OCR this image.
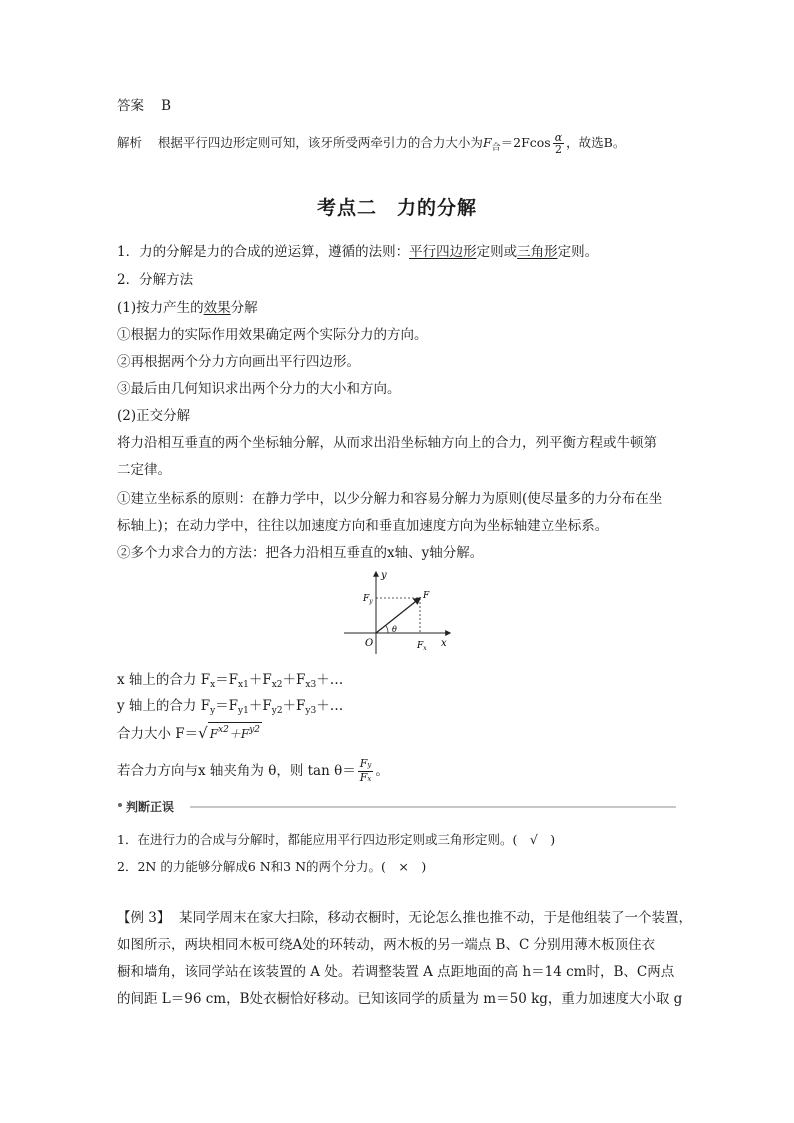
答案 B
解析 根据平行四边形定则可知，该牙所受两牵引力的合力大小为$F_合=2Fcos \frac{\alpha}{2}$ ，故选B。
考点二　力的分解
1．力的分解是力的合成的逆运算，遵循的法则：平行四边形定则或三角形定则。
2．分解方法
(1)按力产生的效果分解
①根据力的实际作用效果确定两个实际分力的方向。
②再根据两个分力方向画出平行四边形。
③最后由几何知识求出两个分力的大小和方向。
(2)正交分解
将力沿相互垂直的两个坐标轴分解，从而求出沿坐标轴方向上的合力，列平衡方程或牛顿第
二定律。
①建立坐标系的原则：在静力学中，以少分解力和容易分解力为原则(使尽量多的力分布在坐
标轴上)；在动力学中，往往以加速度方向和垂直加速度方向为坐标轴建立坐标系。
②多个力求合力的方法：把各力沿相互垂直的x轴、y轴分解。
y
x
O
$F_y$
F
$F_x$
θ
x 轴上的合力 $F_x=F_{x1}+F_{x2}+F_{x3}+\dots$
y 轴上的合力 $F_y=F_{y1}+F_{y2}+F_{y3}+\dots$
合力大小 F＝√ $F^{x2}+F^{y2}$
若合力方向与x 轴夹角为 θ，则 $\tan \theta= \frac{Fy}{Fx}$ 。
判断正误
1．在进行力的合成与分解时，都能应用平行四边形定则或三角形定则。(　√　)
2．2N 的力能够分解成6 N和3 N的两个分力。(　×　)
【例 3】 某同学周末在家大扫除，移动衣橱时，无论怎么推也推不动，于是他组装了一个装置，
如图所示，两块相同木板可绕A处的环转动，两木板的另一端点 B、C 分别用薄木板顶住衣
橱和墙角，该同学站在该装置的 A 处。若调整装置 A 点距地面的高 h＝14 cm时，B、C两点
的间距 L＝96 cm，B处衣橱恰好移动。已知该同学的质量为 m＝50 kg，重力加速度大小取 g
